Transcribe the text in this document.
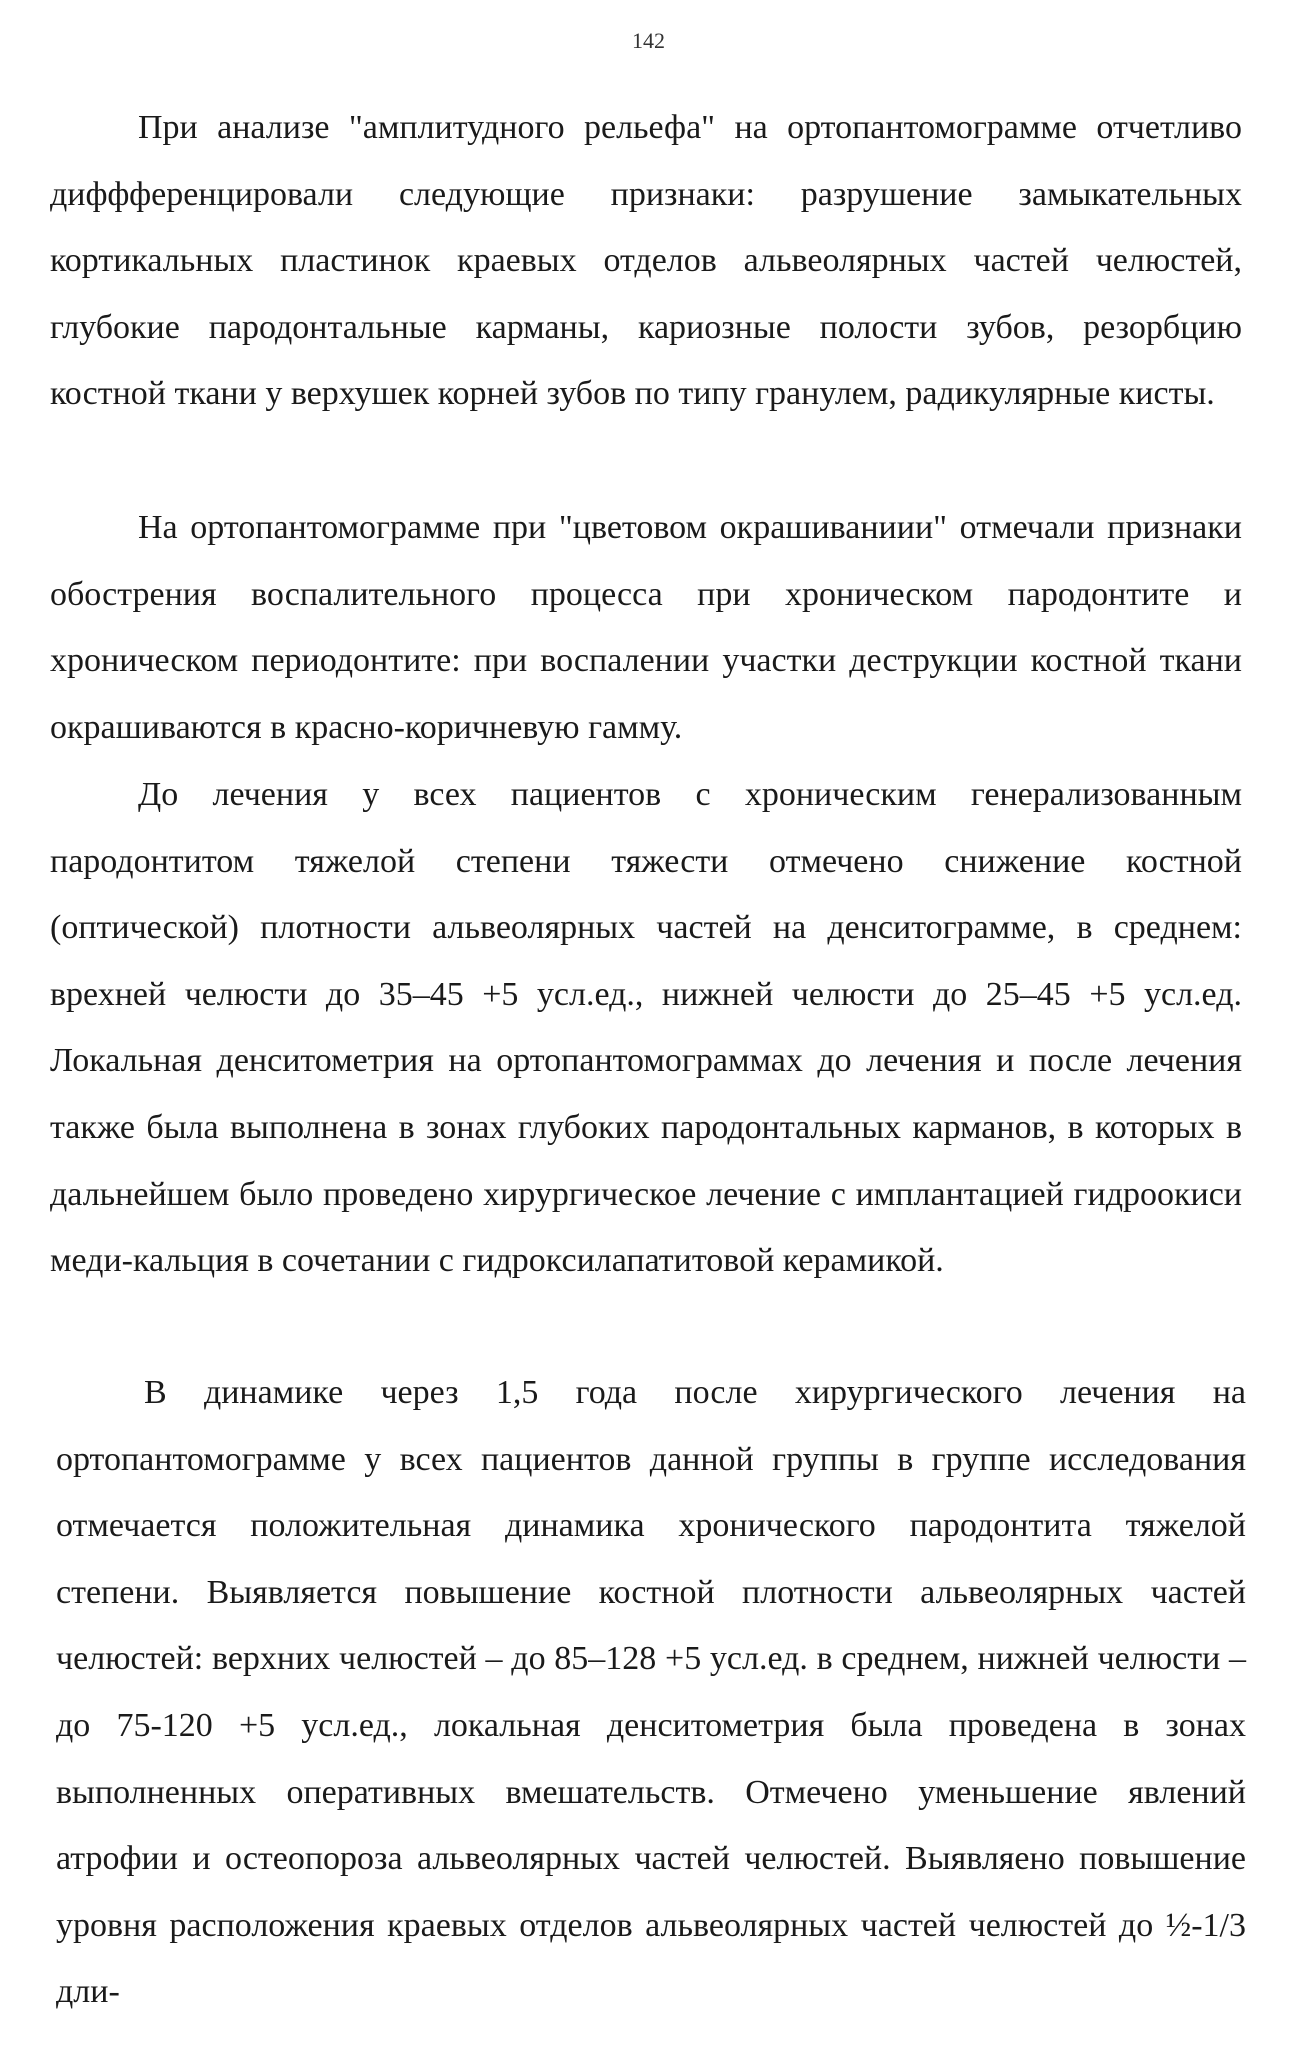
142

При анализе "амплитудного рельефа" на ортопантомограмме отчетливо диффференцировали следующие признаки: разрушение замыкательных кортикальных пластинок краевых отделов альвеолярных частей челюстей, глубокие пародонтальные карманы, кариозные полости зубов, резорбцию костной ткани у верхушек корней зубов по типу гранулем, радикулярные кисты.

На ортопантомограмме при "цветовом окрашиваниии" отмечали признаки обострения воспалительного процесса при хроническом пародонтите и хроническом периодонтите: при воспалении участки деструкции костной ткани окрашиваются в красно-коричневую гамму.

До лечения у всех пациентов с хроническим генерализованным пародонтитом тяжелой степени тяжести отмечено снижение костной (оптической) плотности альвеолярных частей на денситограмме, в среднем: врехней челюсти до 35–45 +5 усл.ед., нижней челюсти до 25–45 +5 усл.ед. Локальная денситометрия на ортопантомограммах до лечения и после лечения также была выполнена в зонах глубоких пародонтальных карманов, в которых в дальнейшем было проведено хирургическое лечение с имплантацией гидроокиси меди-кальция в сочетании с гидроксилапатитовой керамикой.

В динамике через 1,5 года после хирургического лечения на ортопантомограмме у всех пациентов данной группы в группе исследования отмечается положительная динамика хронического пародонтита тяжелой степени. Выявляется повышение костной плотности альвеолярных частей челюстей: верхних челюстей – до 85–128 +5 усл.ед. в среднем, нижней челюсти – до 75-120 +5 усл.ед., локальная денситометрия была проведена в зонах выполненных оперативных вмешательств. Отмечено уменьшение явлений атрофии и остеопороза альвеолярных частей челюстей. Выявляено повышение уровня расположения краевых отделов альвеолярных частей челюстей до ½-1/3 дли-
